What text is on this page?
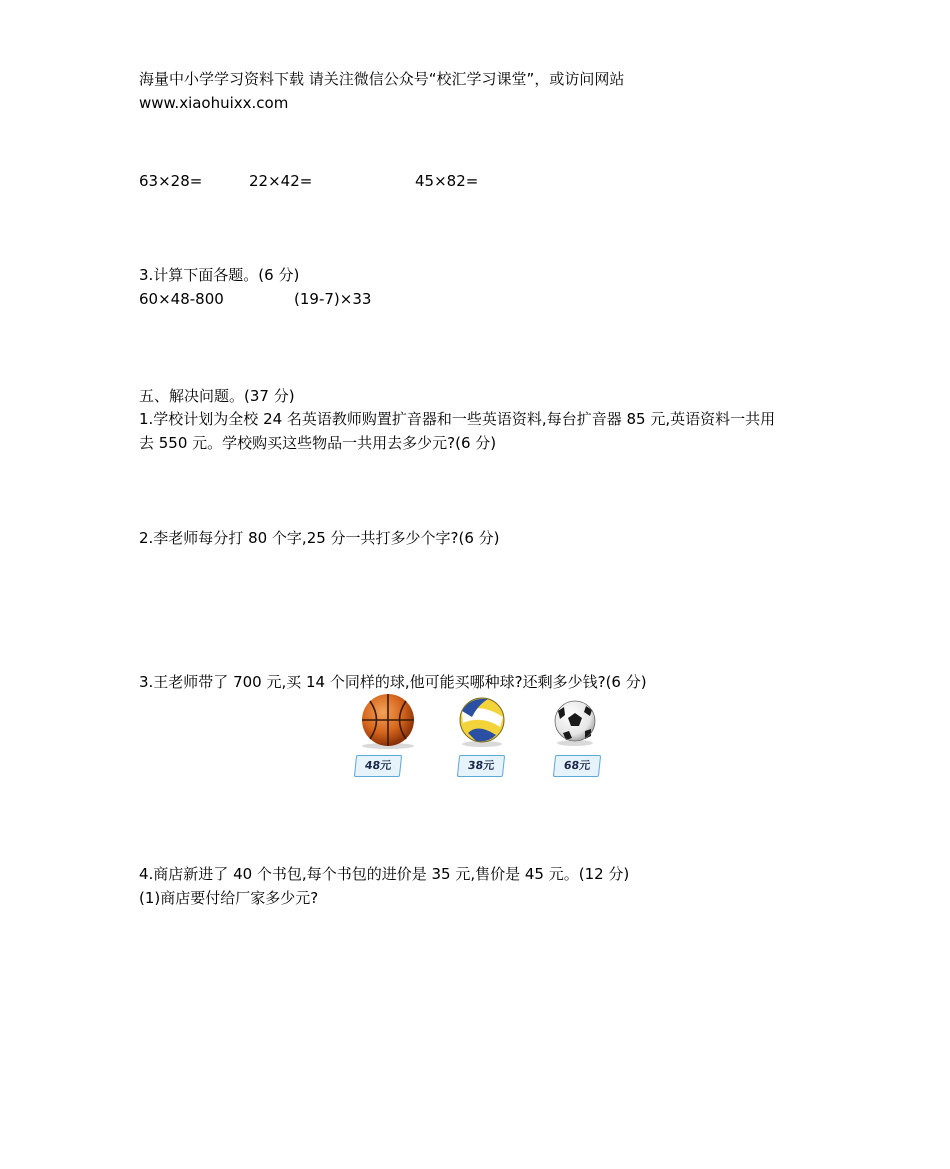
海量中小学学习资料下载 请关注微信公众号“校汇学习课堂”，或访问网站
www.xiaohuixx.com
63×28=	22×42=	45×82=
3.计算下面各题。(6 分)
60×48-800	(19-7)×33
五、解决问题。(37 分)
1.学校计划为全校 24 名英语教师购置扩音器和一些英语资料,每台扩音器 85 元,英语资料一共用
去 550 元。学校购买这些物品一共用去多少元?(6 分)
2.李老师每分打 80 个字,25 分一共打多少个字?(6 分)
3.王老师带了 700 元,买 14 个同样的球,他可能买哪种球?还剩多少钱?(6 分)
48元	38元	68元
4.商店新进了 40 个书包,每个书包的进价是 35 元,售价是 45 元。(12 分)
(1)商店要付给厂家多少元?
